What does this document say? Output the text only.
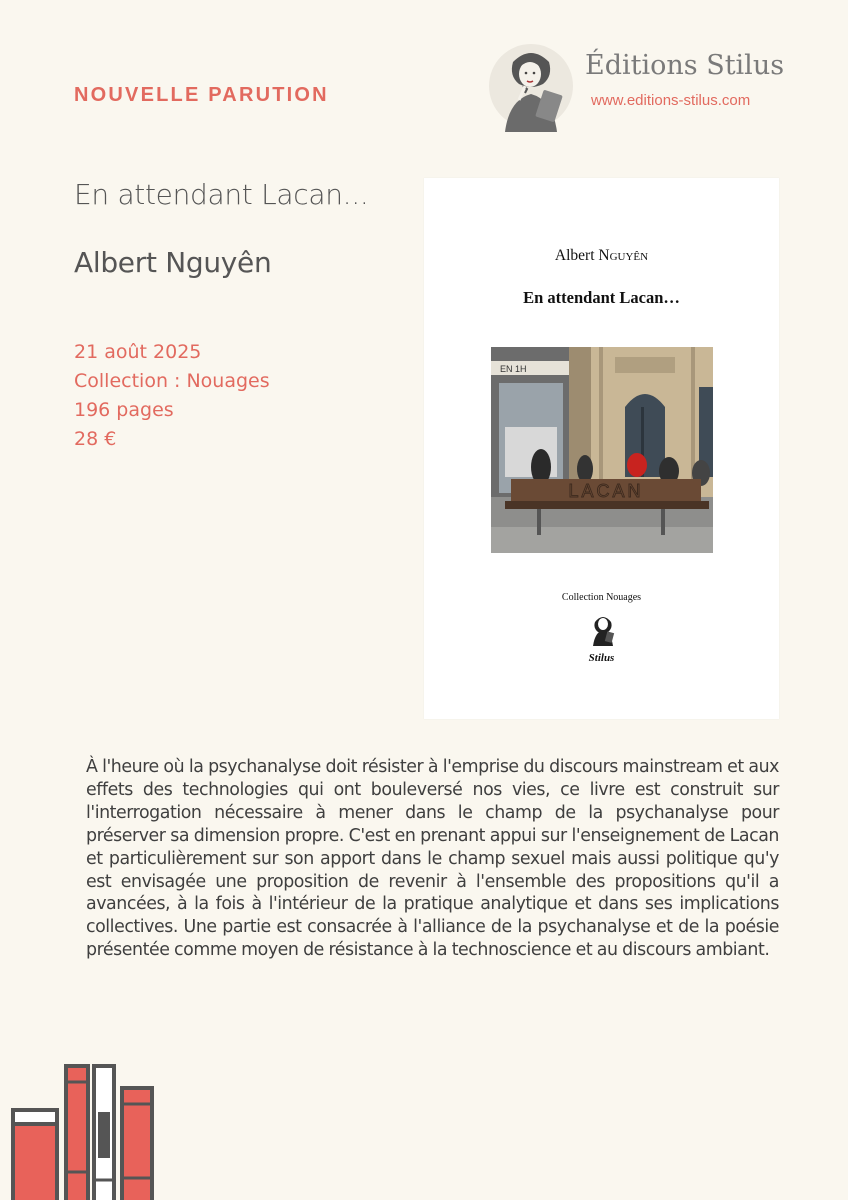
NOUVELLE PARUTION
Éditions Stilus
www.editions-stilus.com
En attendant Lacan...
Albert Nguyên
21 août 2025
Collection : Nouages
196 pages
28 €
Albert Nguyên
En attendant Lacan…
EN 1H
LACAN
Collection Nouages
Stilus
À l'heure où la psychanalyse doit résister à l'emprise du discours mainstream et aux effets des technologies qui ont bouleversé nos vies, ce livre est construit sur l'interrogation nécessaire à mener dans le champ de la psychanalyse pour préserver sa dimension propre. C'est en prenant appui sur l'enseignement de Lacan et particulièrement sur son apport dans le champ sexuel mais aussi politique qu'y est envisagée une proposition de revenir à l'ensemble des propositions qu'il a avancées, à la fois à l'intérieur de la pratique analytique et dans ses implications collectives. Une partie est consacrée à l'alliance de la psychanalyse et de la poésie présentée comme moyen de résistance à la technoscience et au discours ambiant.
